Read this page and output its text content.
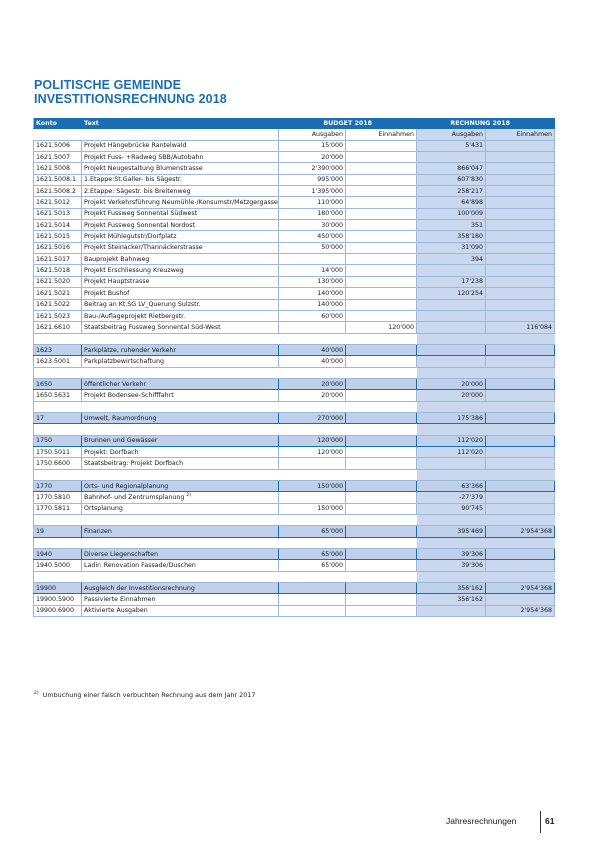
POLITISCHE GEMEINDE
INVESTITIONSRECHNUNG 2018
Konto	Text	BUDGET 2018		RECHNUNG 2018	
		Ausgaben	Einnahmen	Ausgaben	Einnahmen
1621.5006	Projekt Hängebrücke Rantelwald	15'000		5'431	
1621.5007	Projekt Fuss- +Radweg SBB/Autobahn	20'000			
1621.5008	Projekt Neugestaltung Blumenstrasse	2'390'000		866'047	
1621.5008.1	1.Etappe:St.Galler- bis Sägestr.	995'000		607'830	
1621.5008.2	2.Etappe: Sägestr. bis Breitenweg	1'395'000		258'217	
1621.5012	Projekt Verkehrsführung Neumühle-/Konsumstr/Metzgergasse	110'000		64'898	
1621.5013	Projekt Fussweg Sonnental Südwest	180'000		100'009	
1621.5014	Projekt Fussweg Sonnental Nordost	30'000		351	
1621.5015	Projekt Mühlegutstr/Dorfplatz	450'000		358'180	
1621.5016	Projekt Steinacker/Thannäckerstrasse	50'000		31'090	
1621.5017	Bauprojekt Bahnweg			394	
1621.5018	Projekt Erschliessung Kreuzweg	14'000			
1621.5020	Projekt Hauptstrasse	130'000		17'238	
1621.5021	Projekt Bushof	140'000		120'254	
1621.5022	Beitrag an Kt.SG LV_Querung Sulzstr.	140'000			
1621.5023	Bau-/Auflageprojekt Rietbergstr.	60'000			
1621.6610	Staatsbeitrag Fussweg Sonnental Süd-West		120'000		116'084

1623	Parkplätze, ruhender Verkehr	40'000			
1623.5001	Parkplatzbewirtschaftung	40'000			

1650	öffentlicher Verkehr	20'000		20'000	
1650.5631	Projekt Bodensee-Schifffahrt	20'000		20'000	

17	Umwelt, Raumordnung	270'000		175'386	

1750	Brunnen und Gewässer	120'000		112'020	
1750.5011	Projekt: Dorfbach	120'000		112'020	
1750.6600	Staatsbeitrag: Projekt Dorfbach				

1770	Orts- und Regionalplanung	150'000		63'366	
1770.5810	Bahnhof- und Zentrumsplanung $^{2)}$			-27'379	
1770.5811	Ortsplanung	150'000		90'745	

19	Finanzen	65'000		395'469	2'954'368

1940	Diverse Liegenschaften	65'000		39'306	
1940.5000	Ladir: Renovation Fassade/Duschen	65'000		39'306	

19900	Ausgleich der Investitionsrechnung			356'162	2'954'368
19900.5900	Passivierte Einnahmen			356'162	
19900.6900	Aktivierte Ausgaben				2'954'368
$^{2)}$ Umbuchung einer falsch verbuchten Rechnung aus dem Jahr 2017
Jahresrechnungen	61
